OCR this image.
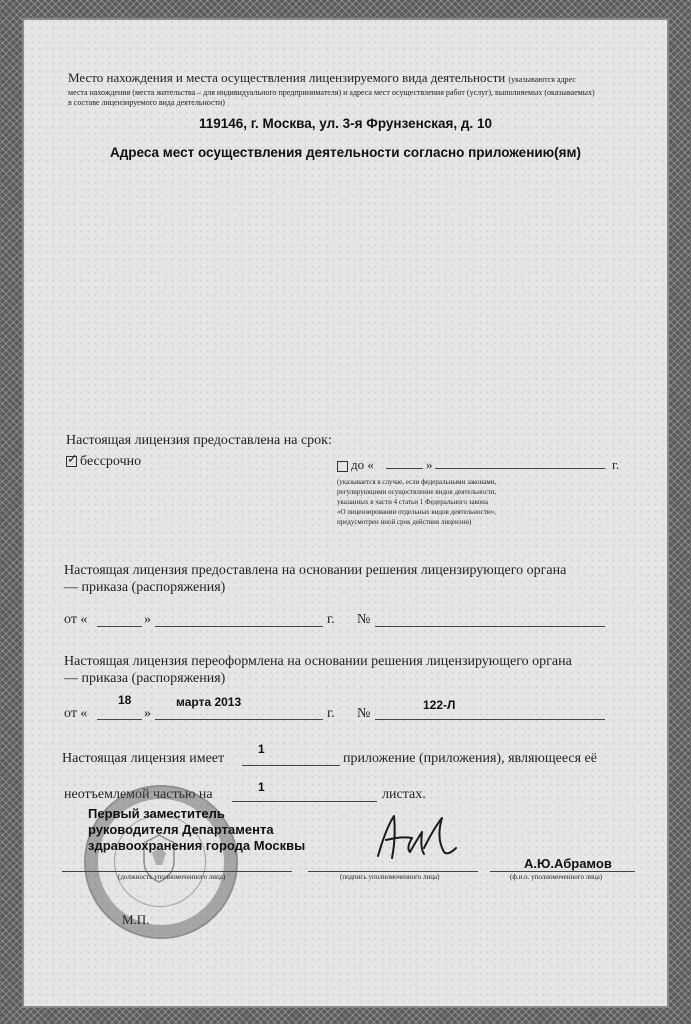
Место нахождения и места осуществления лицензируемого вида деятельности (указываются адрес
места нахождения (места жительства – для индивидуального предпринимателя) и адреса мест осуществления работ (услуг), выполняемых (оказываемых)
в составе лицензируемого вида деятельности)
119146, г. Москва, ул. 3-я Фрунзенская, д. 10
Адреса мест осуществления деятельности согласно приложению(ям)
Настоящая лицензия предоставлена на срок:
✓ бессрочно	до «	»	г.
(указывается в случае, если федеральными законами,
регулирующими осуществление видов деятельности,
указанных в части 4 статьи 1 Федерального закона
«О лицензировании отдельных видов деятельности»,
предусмотрен иной срок действия лицензии)
Настоящая лицензия предоставлена на основании решения лицензирующего органа
— приказа (распоряжения)
от «	»	г. №
Настоящая лицензия переоформлена на основании решения лицензирующего органа
— приказа (распоряжения)
18	марта 2013	122-Л
от «	»	г. №
1
Настоящая лицензия имеет	приложение (приложения), являющееся её
1
неотъемлемой частью на	листах.
Первый заместитель руководителя Департамента здравоохранения города Москвы
А.Ю.Абрамов
(должность уполномоченного лица)	(подпись уполномоченного лица)	(ф.и.о. уполномоченного лица)
М.П.
